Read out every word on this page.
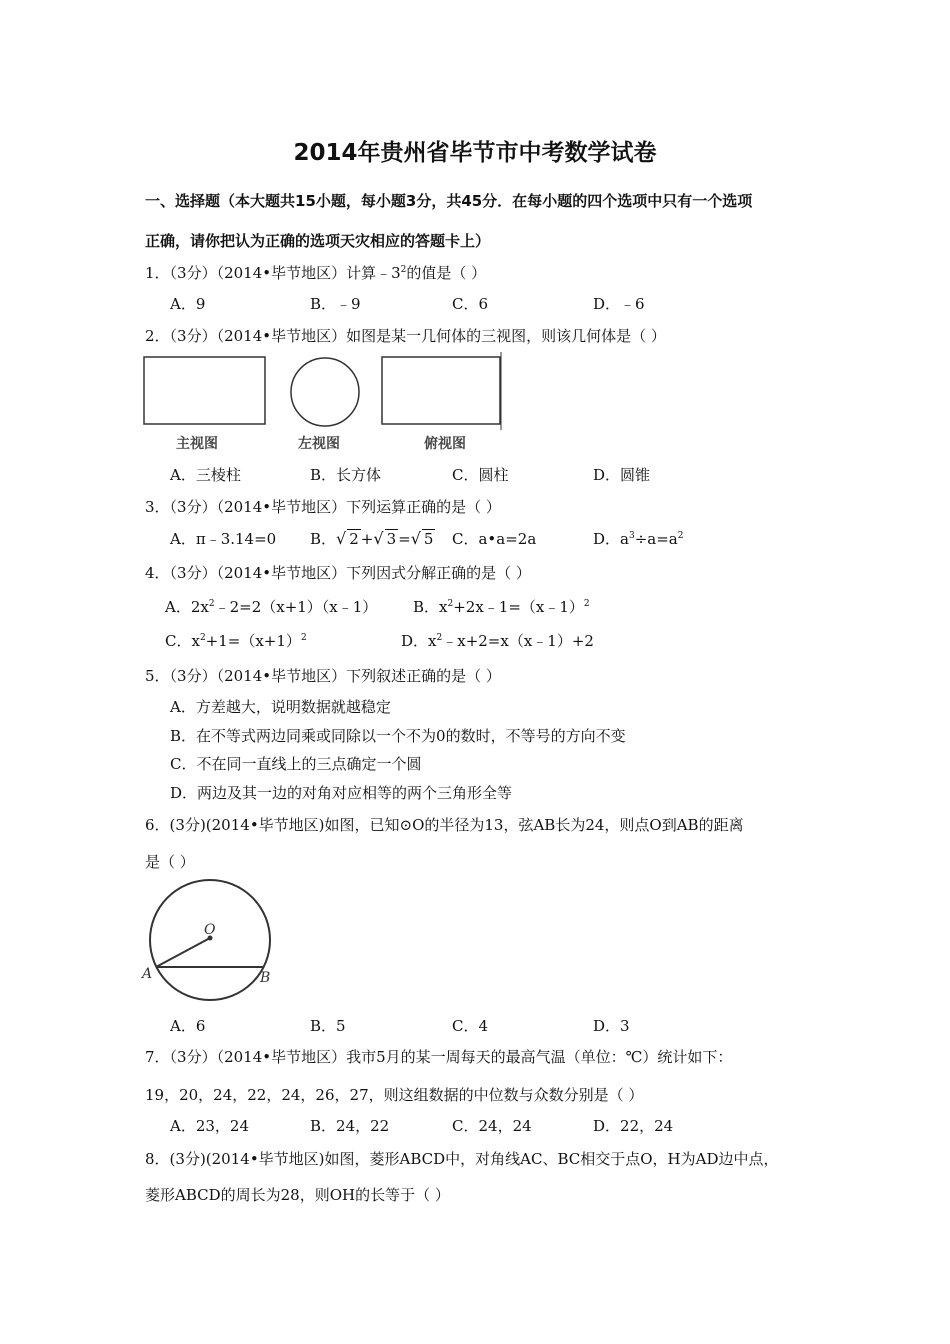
2014年贵州省毕节市中考数学试卷
一、选择题（本大题共15小题，每小题3分，共45分．在每小题的四个选项中只有一个选项
正确，请你把认为正确的选项天灾相应的答题卡上）
1．（3分）（2014•毕节地区）计算$﹣3^2$的值是（ ）
A．9	B．﹣9	C．6	D．﹣6
2．（3分）（2014•毕节地区）如图是某一几何体的三视图，则该几何体是（ ）
主视图	左视图	俯视图
A．三棱柱	B．长方体	C．圆柱	D．圆锥
3．（3分）（2014•毕节地区）下列运算正确的是（ ）
A．π﹣3.14=0 B．√ 2 +√ 3 =√ 5 C．a•a=2a	D．$a^3\div a=a^2$
4．（3分）（2014•毕节地区）下列因式分解正确的是（ ）
A．$2x^2﹣2=2(x+1)(x﹣1)$ B．$x^2+2x﹣1=(x﹣1)^2$
C．$x^2+1=(x+1)^2$	D．$x^2﹣x+2=x(x﹣1)+2$
5．（3分）（2014•毕节地区）下列叙述正确的是（ ）
A．方差越大，说明数据就越稳定
B．在不等式两边同乘或同除以一个不为0的数时，不等号的方向不变
C．不在同一直线上的三点确定一个圆
D．两边及其一边的对角对应相等的两个三角形全等
6．(3分)(2014•毕节地区)如图，已知⊙O的半径为13，弦AB长为24，则点O到AB的距离
是（ ）
O
A	B
A．6	B．5	C．4	D．3
7．（3分）（2014•毕节地区）我市5月的某一周每天的最高气温（单位：℃）统计如下：
19，20，24，22，24，26，27，则这组数据的中位数与众数分别是（ ）
A．23，24	B．24，22	C．24，24	D．22，24
8．(3分)(2014•毕节地区)如图，菱形ABCD中，对角线AC、BC相交于点O，H为AD边中点，
菱形ABCD的周长为28，则OH的长等于（ ）
